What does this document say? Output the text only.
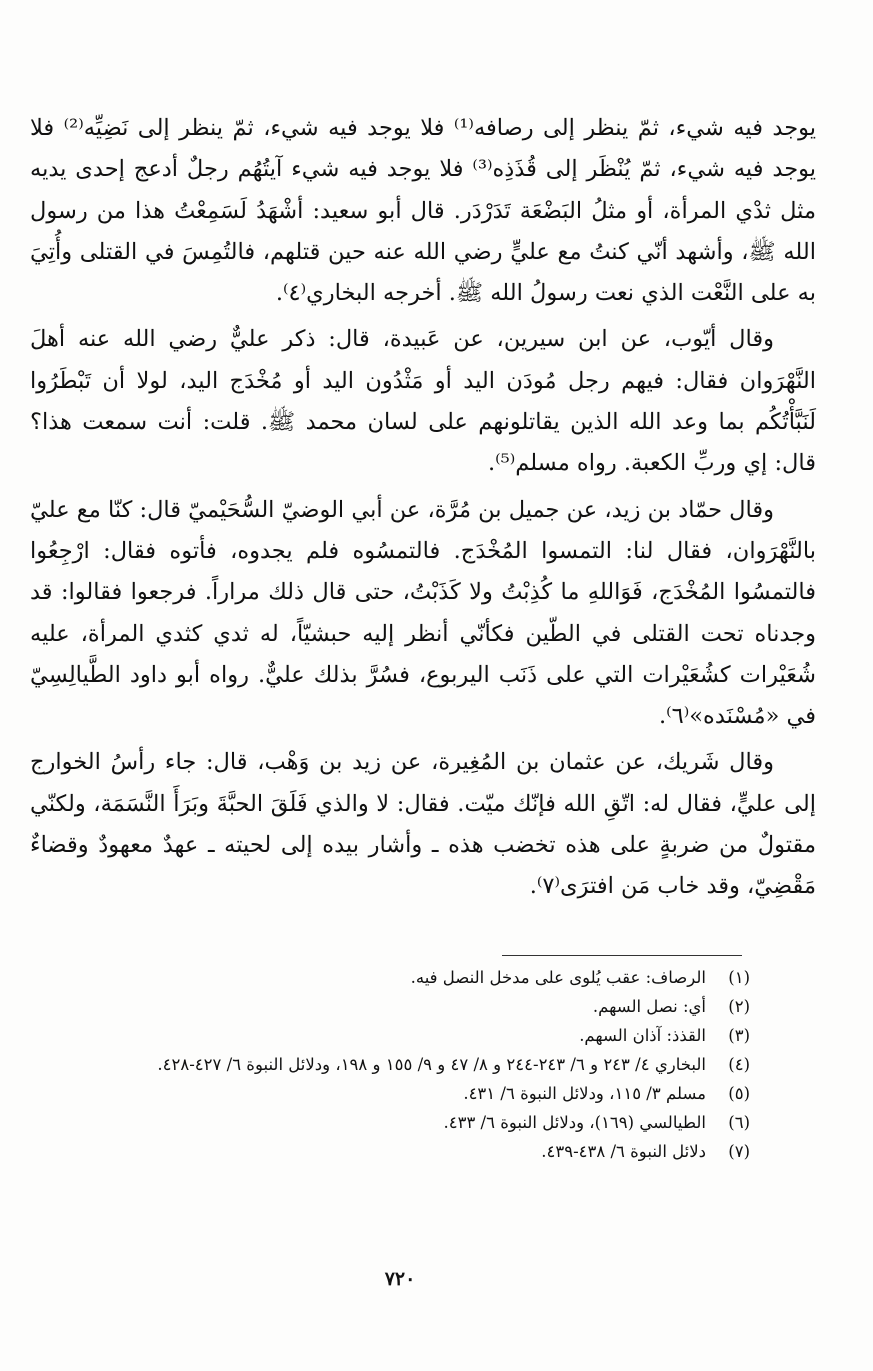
يوجد فيه شيء، ثمّ ينظر إلى رصافه⁽¹⁾ فلا يوجد فيه شيء، ثمّ ينظر إلى نَضِيِّه⁽²⁾ فلا يوجد فيه شيء، ثمّ يُنْظَر إلى قُذَذِه⁽³⁾ فلا يوجد فيه شيء آيتُهُم رجلٌ أدعج إحدى يديه مثل ثدْي المرأة، أو مثلُ البَضْعَة تَدَرْدَر. قال أبو سعيد: أشْهَدُ لَسَمِعْتُ هذا من رسول الله ﷺ، وأشهد أنّي كنتُ مع عليٍّ رضي الله عنه حين قتلهم، فالتُمِسَ في القتلى وأُتِيَ به على النَّعْت الذي نعت رسولُ الله ﷺ. أخرجه البخاري⁽٤⁾.

وقال أيّوب، عن ابن سيرين، عن عَبيدة، قال: ذكر عليٌّ رضي الله عنه أهلَ النَّهْرَوان فقال: فيهم رجل مُودَن اليد أو مَثْدُون اليد أو مُخْدَج اليد، لولا أن تَبْطَرُوا لَنَبَّأْتُكُم بما وعد الله الذين يقاتلونهم على لسان محمد ﷺ. قلت: أنت سمعت هذا؟ قال: إي وربِّ الكعبة. رواه مسلم⁽⁵⁾.

وقال حمّاد بن زيد، عن جميل بن مُرَّة، عن أبي الوضيّ السُّحَيْميّ قال: كنّا مع عليّ بالنَّهْرَوان، فقال لنا: التمسوا المُخْدَج. فالتمسُوه فلم يجدوه، فأتوه فقال: ارْجِعُوا فالتمسُوا المُخْدَج، فَوَاللهِ ما كُذِبْتُ ولا كَذَبْتُ، حتى قال ذلك مراراً. فرجعوا فقالوا: قد وجدناه تحت القتلى في الطّين فكأنّي أنظر إليه حبشيّاً، له ثدي كثدي المرأة، عليه شُعَيْرات كشُعَيْرات التي على ذَنَب اليربوع، فسُرَّ بذلك عليٌّ. رواه أبو داود الطَّيالِسِيّ في «مُسْنَده»⁽٦⁾.

وقال شَريك، عن عثمان بن المُغِيرة، عن زيد بن وَهْب، قال: جاء رأسُ الخوارج إلى عليٍّ، فقال له: اتّقِ الله فإنّك ميّت. فقال: لا والذي فَلَقَ الحبَّةَ وبَرَأَ النَّسَمَة، ولكنّي مقتولٌ من ضربةٍ على هذه تخضب هذه ـ وأشار بيده إلى لحيته ـ عهدٌ معهودٌ وقضاءٌ مَقْضِيّ، وقد خاب مَن افترَى⁽٧⁾.

(١)
الرصاف: عقب يُلوى على مدخل النصل فيه.
(٢)
أي: نصل السهم.
(٣)
القذذ: آذان السهم.
(٤)
البخاري ٤/ ٢٤٣ و ٦/ ٢٤٣-٢٤٤ و ٨/ ٤٧ و ٩/ ١٥٥ و ١٩٨، ودلائل النبوة ٦/ ٤٢٧-٤٢٨.
(٥)
مسلم ٣/ ١١٥، ودلائل النبوة ٦/ ٤٣١.
(٦)
الطيالسي (١٦٩)، ودلائل النبوة ٦/ ٤٣٣.
(٧)
دلائل النبوة ٦/ ٤٣٨-٤٣٩.
٧٢٠
